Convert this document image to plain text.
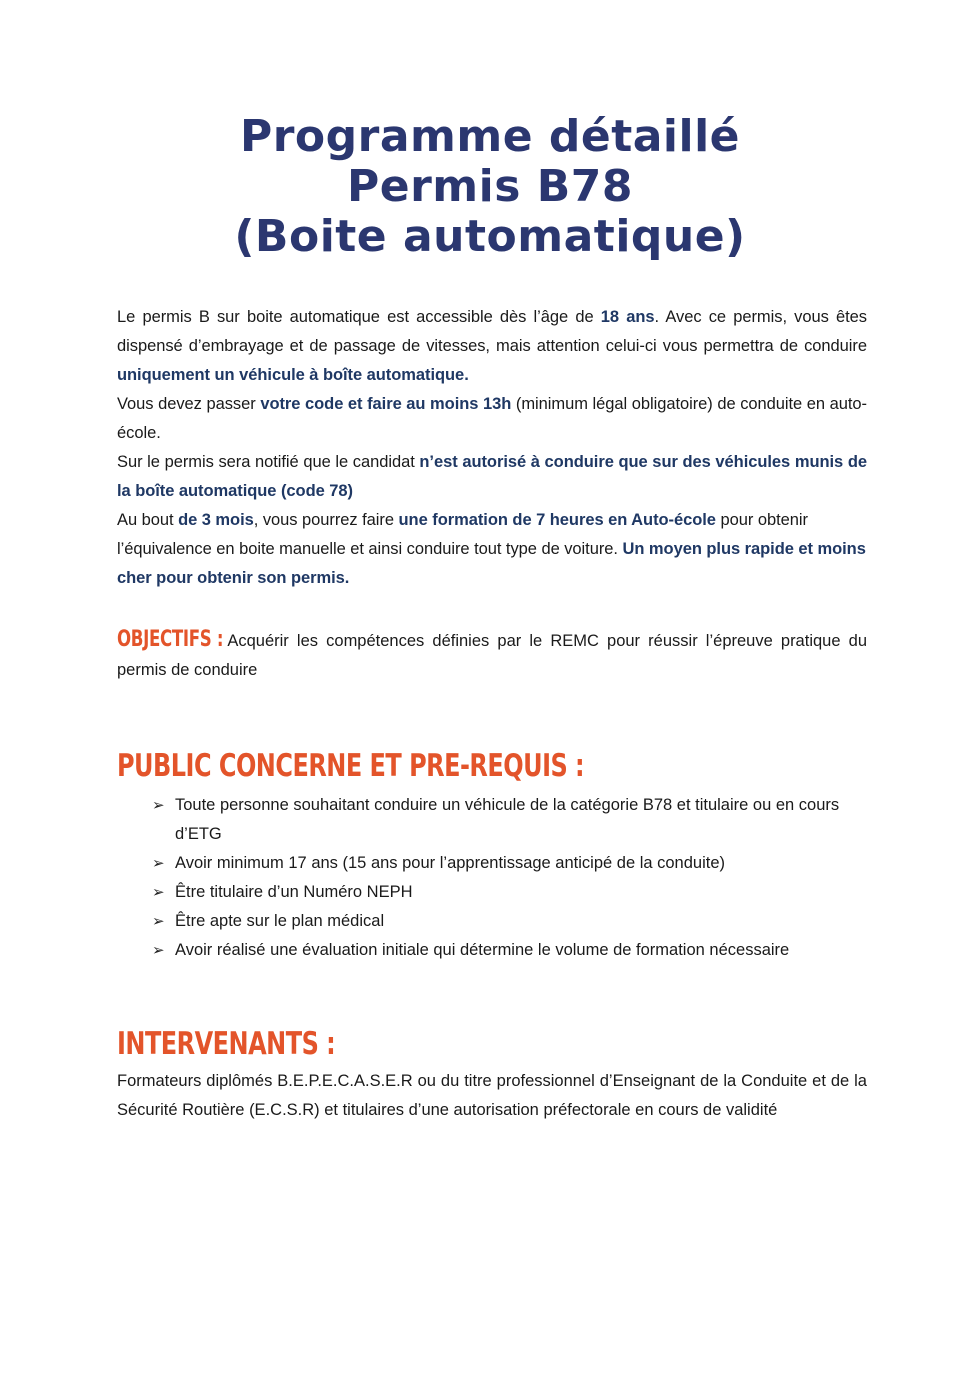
Programme détaillé
Permis B78
(Boite automatique)

Le permis B sur boite automatique est accessible dès l’âge de 18 ans. Avec ce permis, vous êtes dispensé d’embrayage et de passage de vitesses, mais attention celui-ci vous permettra de conduire uniquement un véhicule à boîte automatique.

Vous devez passer votre code et faire au moins 13h (minimum légal obligatoire) de conduite en auto-école.

Sur le permis sera notifié que le candidat n’est autorisé à conduire que sur des véhicules munis de la boîte automatique (code 78)

Au bout de 3 mois, vous pourrez faire une formation de 7 heures en Auto-école pour obtenir l’équivalence en boite manuelle et ainsi conduire tout type de voiture. Un moyen plus rapide et moins cher pour obtenir son permis.

OBJECTIFS : Acquérir les compétences définies par le REMC pour réussir l’épreuve pratique du permis de conduire
PUBLIC CONCERNE ET PRE-REQUIS :
➢ Toute personne souhaitant conduire un véhicule de la catégorie B78 et titulaire ou en cours d’ETG
➢ Avoir minimum 17 ans (15 ans pour l’apprentissage anticipé de la conduite)
➢ Être titulaire d’un Numéro NEPH
➢ Être apte sur le plan médical
➢ Avoir réalisé une évaluation initiale qui détermine le volume de formation nécessaire
INTERVENANTS :

Formateurs diplômés B.E.P.E.C.A.S.E.R ou du titre professionnel d’Enseignant de la Conduite et de la Sécurité Routière (E.C.S.R) et titulaires d’une autorisation préfectorale en cours de validité
